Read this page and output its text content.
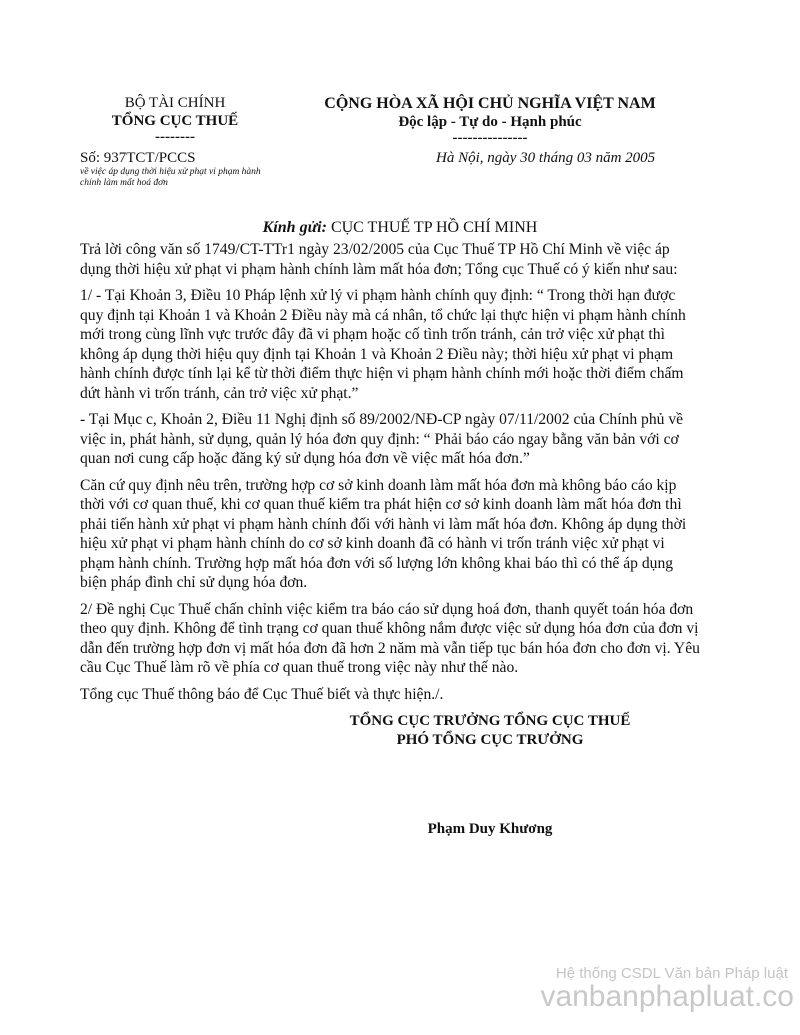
BỘ TÀI CHÍNH
TỔNG CỤC THUẾ
--------
CỘNG HÒA XÃ HỘI CHỦ NGHĨA VIỆT NAM
Độc lập - Tự do - Hạnh phúc
---------------
Số: 937TCT/PCCS
về việc áp dụng thời hiệu xử phạt vi phạm hành chính làm mất hoá đơn
Hà Nội, ngày 30 tháng 03 năm 2005
Kính gửi: CỤC THUẾ TP HỒ CHÍ MINH

Trả lời công văn số 1749/CT-TTr1 ngày 23/02/2005 của Cục Thuế TP Hồ Chí Minh về việc áp dụng thời hiệu xử phạt vi phạm hành chính làm mất hóa đơn; Tổng cục Thuế có ý kiến như sau:

1/ - Tại Khoản 3, Điều 10 Pháp lệnh xử lý vi phạm hành chính quy định: “ Trong thời hạn được quy định tại Khoản 1 và Khoản 2 Điều này mà cá nhân, tổ chức lại thực hiện vi phạm hành chính mới trong cùng lĩnh vực trước đây đã vi phạm hoặc cố tình trốn tránh, cản trở việc xử phạt thì không áp dụng thời hiệu quy định tại Khoản 1 và Khoản 2 Điều này; thời hiệu xử phạt vi phạm hành chính được tính lại kể từ thời điểm thực hiện vi phạm hành chính mới hoặc thời điểm chấm dứt hành vi trốn tránh, cản trở việc xử phạt.”

- Tại Mục c, Khoản 2, Điều 11 Nghị định số 89/2002/NĐ-CP ngày 07/11/2002 của Chính phủ về việc in, phát hành, sử dụng, quản lý hóa đơn quy định: “ Phải báo cáo ngay bằng văn bản với cơ quan nơi cung cấp hoặc đăng ký sử dụng hóa đơn về việc mất hóa đơn.”

Căn cứ quy định nêu trên, trường hợp cơ sở kinh doanh làm mất hóa đơn mà không báo cáo kịp thời với cơ quan thuế, khi cơ quan thuế kiểm tra phát hiện cơ sở kinh doanh làm mất hóa đơn thì phải tiến hành xử phạt vi phạm hành chính đối với hành vi làm mất hóa đơn. Không áp dụng thời hiệu xử phạt vi phạm hành chính do cơ sở kinh doanh đã có hành vi trốn tránh việc xử phạt vi phạm hành chính. Trường hợp mất hóa đơn với số lượng lớn không khai báo thì có thể áp dụng biện pháp đình chỉ sử dụng hóa đơn.

2/ Đề nghị Cục Thuế chấn chỉnh việc kiểm tra báo cáo sử dụng hoá đơn, thanh quyết toán hóa đơn theo quy định. Không để tình trạng cơ quan thuế không nắm được việc sử dụng hóa đơn của đơn vị dẫn đến trường hợp đơn vị mất hóa đơn đã hơn 2 năm mà vẫn tiếp tục bán hóa đơn cho đơn vị. Yêu cầu Cục Thuế làm rõ về phía cơ quan thuế trong việc này như thế nào.

Tổng cục Thuế thông báo để Cục Thuế biết và thực hiện./.

TỔNG CỤC TRƯỞNG TỔNG CỤC THUẾ
PHÓ TỔNG CỤC TRƯỞNG
Phạm Duy Khương
Hệ thống CSDL Văn bản Pháp luật
vanbanphapluat.co
